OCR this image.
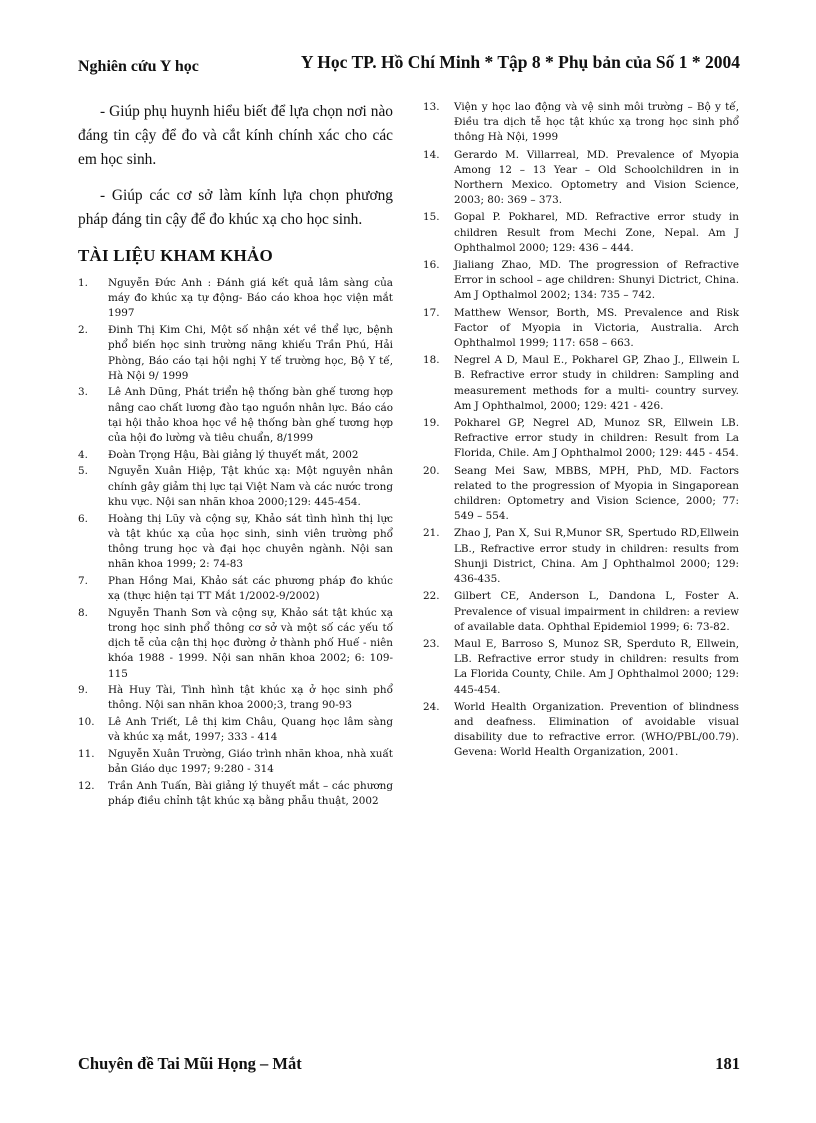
Nghiên cứu Y học	Y Học TP. Hồ Chí Minh * Tập 8 * Phụ bản của Số 1 * 2004

- Giúp phụ huynh hiểu biết để lựa chọn nơi nào đáng tin cậy để đo và cắt kính chính xác cho các em học sinh.

- Giúp các cơ sở làm kính lựa chọn phương pháp đáng tin cậy để đo khúc xạ cho học sinh.

TÀI LIỆU KHAM KHẢO
1.	Nguyễn Đức Anh : Đánh giá kết quả lâm sàng của máy đo khúc xạ tự động- Báo cáo khoa học viện mắt 1997
2.	Đinh Thị Kim Chi, Một số nhận xét về thể lực, bệnh phổ biến học sinh trường năng khiếu Trần Phú, Hải Phòng, Báo cáo tại hội nghị Y tế trường học, Bộ Y tế, Hà Nội 9/ 1999
3.	Lê Anh Dũng, Phát triển hệ thống bàn ghế tương hợp nâng cao chất lương đào tạo nguồn nhân lực. Báo cáo tại hội thảo khoa học về hệ thống bàn ghế tương hợp của hội đo lường và tiêu chuẩn, 8/1999
4.	Đoàn Trọng Hậu, Bài giảng lý thuyết mắt, 2002
5.	Nguyễn Xuân Hiệp, Tật khúc xạ: Một nguyên nhân chính gây giảm thị lực tại Việt Nam và các nước trong khu vực. Nội san nhãn khoa 2000;129: 445-454.
6.	Hoàng thị Lũy và cộng sự, Khảo sát tình hình thị lực và tật khúc xạ của học sinh, sinh viên trường phổ thông trung học và đại học chuyên ngành. Nội san nhãn khoa 1999; 2: 74-83
7.	Phan Hồng Mai, Khảo sát các phương pháp đo khúc xạ (thực hiện tại TT Mắt 1/2002-9/2002)
8.	Nguyễn Thanh Sơn và cộng sự, Khảo sát tật khúc xạ trong học sinh phổ thông cơ sở và một số các yếu tố dịch tễ của cận thị học đường ở thành phố Huế - niên khóa 1988 - 1999. Nội san nhãn khoa 2002; 6: 109-115
9.	Hà Huy Tài, Tình hình tật khúc xạ ở học sinh phổ thông. Nội san nhãn khoa 2000;3, trang 90-93
10.	Lê Anh Triết, Lê thị kim Châu, Quang học lâm sàng và khúc xạ mắt, 1997; 333 - 414
11.	Nguyễn Xuân Trường, Giáo trình nhãn khoa, nhà xuất bản Giáo dục 1997; 9:280 - 314
12.	Trần Anh Tuấn, Bài giảng lý thuyết mắt – các phương pháp điều chỉnh tật khúc xạ bằng phẫu thuật, 2002
13.	Viện y học lao động và vệ sinh môi trường – Bộ y tế, Điều tra dịch tễ học tật khúc xạ trong học sinh phổ thông Hà Nội, 1999
14.	Gerardo M. Villarreal, MD. Prevalence of Myopia Among 12 – 13 Year – Old Schoolchildren in in Northern Mexico. Optometry and Vision Science, 2003; 80: 369 – 373.
15.	Gopal P. Pokharel, MD. Refractive error study in children Result from Mechi Zone, Nepal. Am J Ophthalmol 2000; 129: 436 – 444.
16.	Jialiang Zhao, MD. The progression of Refractive Error in school – age children: Shunyi Dictrict, China. Am J Opthalmol 2002; 134: 735 – 742.
17.	Matthew Wensor, Borth, MS. Prevalence and Risk Factor of Myopia in Victoria, Australia. Arch Ophthalmol 1999; 117: 658 – 663.
18.	Negrel A D, Maul E., Pokharel GP, Zhao J., Ellwein L B. Refractive error study in children: Sampling and measurement methods for a multi- country survey. Am J Ophthalmol, 2000; 129: 421 - 426.
19.	Pokharel GP, Negrel AD, Munoz SR, Ellwein LB. Refractive error study in children: Result from La Florida, Chile. Am J Ophthalmol 2000; 129: 445 - 454.
20.	Seang Mei Saw, MBBS, MPH, PhD, MD. Factors related to the progression of Myopia in Singaporean children: Optometry and Vision Science, 2000; 77: 549 – 554.
21.	Zhao J, Pan X, Sui R,Munor SR, Spertudo RD,Ellwein LB., Refractive error study in children: results from Shunji District, China. Am J Ophthalmol 2000; 129: 436-435.
22.	Gilbert CE, Anderson L, Dandona L, Foster A. Prevalence of visual impairment in children: a review of available data. Ophthal Epidemiol 1999; 6: 73-82.
23.	Maul E, Barroso S, Munoz SR, Sperduto R, Ellwein, LB. Refractive error study in children: results from La Florida County, Chile. Am J Ophthalmol 2000; 129: 445-454.
24.	World Health Organization. Prevention of blindness and deafness. Elimination of avoidable visual disability due to refractive error. (WHO/PBL/00.79). Gevena: World Health Organization, 2001.
Chuyên đề Tai Mũi Họng – Mắt	181
